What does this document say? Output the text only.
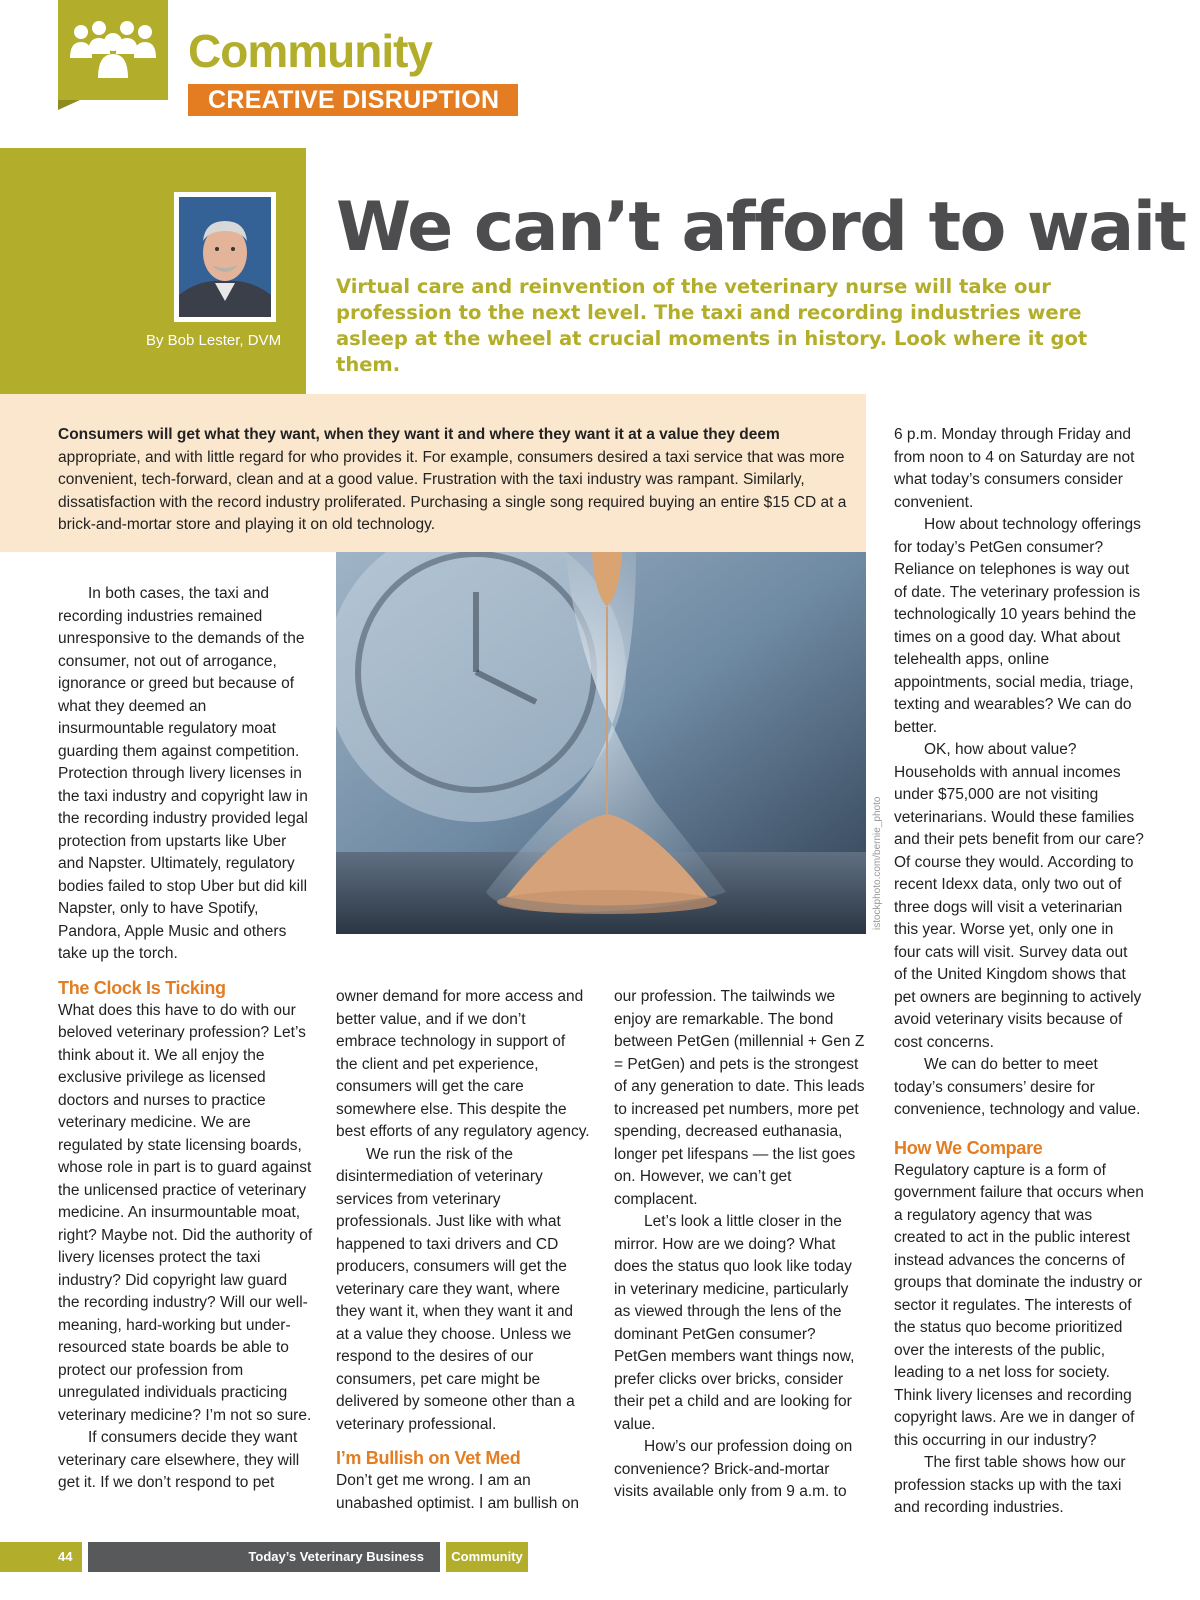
Community
CREATIVE DISRUPTION
By Bob Lester, DVM
We can’t afford to wait
Virtual care and reinvention of the veterinary nurse will take our profession to the next level. The taxi and recording industries were asleep at the wheel at crucial moments in history. Look where it got them.
Consumers will get what they want, when they want it and where they want it at a value they deem appropriate, and with little regard for who provides it. For example, consumers desired a taxi service that was more convenient, tech-forward, clean and at a good value. Frustration with the taxi industry was rampant. Similarly, dissatisfaction with the record industry proliferated. Purchasing a single song required buying an entire $15 CD at a brick-and-mortar store and playing it on old technology.
istockphoto.com/bernie_photo

In both cases, the taxi and recording industries remained unresponsive to the demands of the consumer, not out of arrogance, ignorance or greed but because of what they deemed an insurmountable regulatory moat guarding them against competition. Protection through livery licenses in the taxi industry and copyright law in the recording industry provided legal protection from upstarts like Uber and Napster. Ultimately, regulatory bodies failed to stop Uber but did kill Napster, only to have Spotify, Pandora, Apple Music and others take up the torch.

The Clock Is Ticking

What does this have to do with our beloved veterinary profession? Let’s think about it. We all enjoy the exclusive privilege as licensed doctors and nurses to practice veterinary medicine. We are regulated by state licensing boards, whose role in part is to guard against the unlicensed practice of veterinary medicine. An insurmountable moat, right? Maybe not. Did the authority of livery licenses protect the taxi industry? Did copyright law guard the recording industry? Will our well-meaning, hard-working but under-resourced state boards be able to protect our profession from unregulated individuals practicing veterinary medicine? I’m not so sure.

If consumers decide they want veterinary care elsewhere, they will get it. If we don’t respond to pet

owner demand for more access and better value, and if we don’t embrace technology in support of the client and pet experience, consumers will get the care somewhere else. This despite the best efforts of any regulatory agency.

We run the risk of the disintermediation of veterinary services from veterinary professionals. Just like with what happened to taxi drivers and CD producers, consumers will get the veterinary care they want, where they want it, when they want it and at a value they choose. Unless we respond to the desires of our consumers, pet care might be delivered by someone other than a veterinary professional.

I’m Bullish on Vet Med

Don’t get me wrong. I am an unabashed optimist. I am bullish on

our profession. The tailwinds we enjoy are remarkable. The bond between PetGen (millennial + Gen Z = PetGen) and pets is the strongest of any generation to date. This leads to increased pet numbers, more pet spending, decreased euthanasia, longer pet lifespans — the list goes on. However, we can’t get complacent.

Let’s look a little closer in the mirror. How are we doing? What does the status quo look like today in veterinary medicine, particularly as viewed through the lens of the dominant PetGen consumer? PetGen members want things now, prefer clicks over bricks, consider their pet a child and are looking for value.

How’s our profession doing on convenience? Brick-and-mortar visits available only from 9 a.m. to

6 p.m. Monday through Friday and from noon to 4 on Saturday are not what today’s consumers consider convenient.

How about technology offerings for today’s PetGen consumer? Reliance on telephones is way out of date. The veterinary profession is technologically 10 years behind the times on a good day. What about telehealth apps, online appointments, social media, triage, texting and wearables? We can do better.

OK, how about value? Households with annual incomes under $75,000 are not visiting veterinarians. Would these families and their pets benefit from our care? Of course they would. According to recent Idexx data, only two out of three dogs will visit a veterinarian this year. Worse yet, only one in four cats will visit. Survey data out of the United Kingdom shows that pet owners are beginning to actively avoid veterinary visits because of cost concerns.

We can do better to meet today’s consumers’ desire for convenience, technology and value.

How We Compare

Regulatory capture is a form of government failure that occurs when a regulatory agency that was created to act in the public interest instead advances the concerns of groups that dominate the industry or sector it regulates. The interests of the status quo become prioritized over the interests of the public, leading to a net loss for society. Think livery licenses and recording copyright laws. Are we in danger of this occurring in our industry?

The first table shows how our profession stacks up with the taxi and recording industries.

44	Today’s Veterinary Business	Community
